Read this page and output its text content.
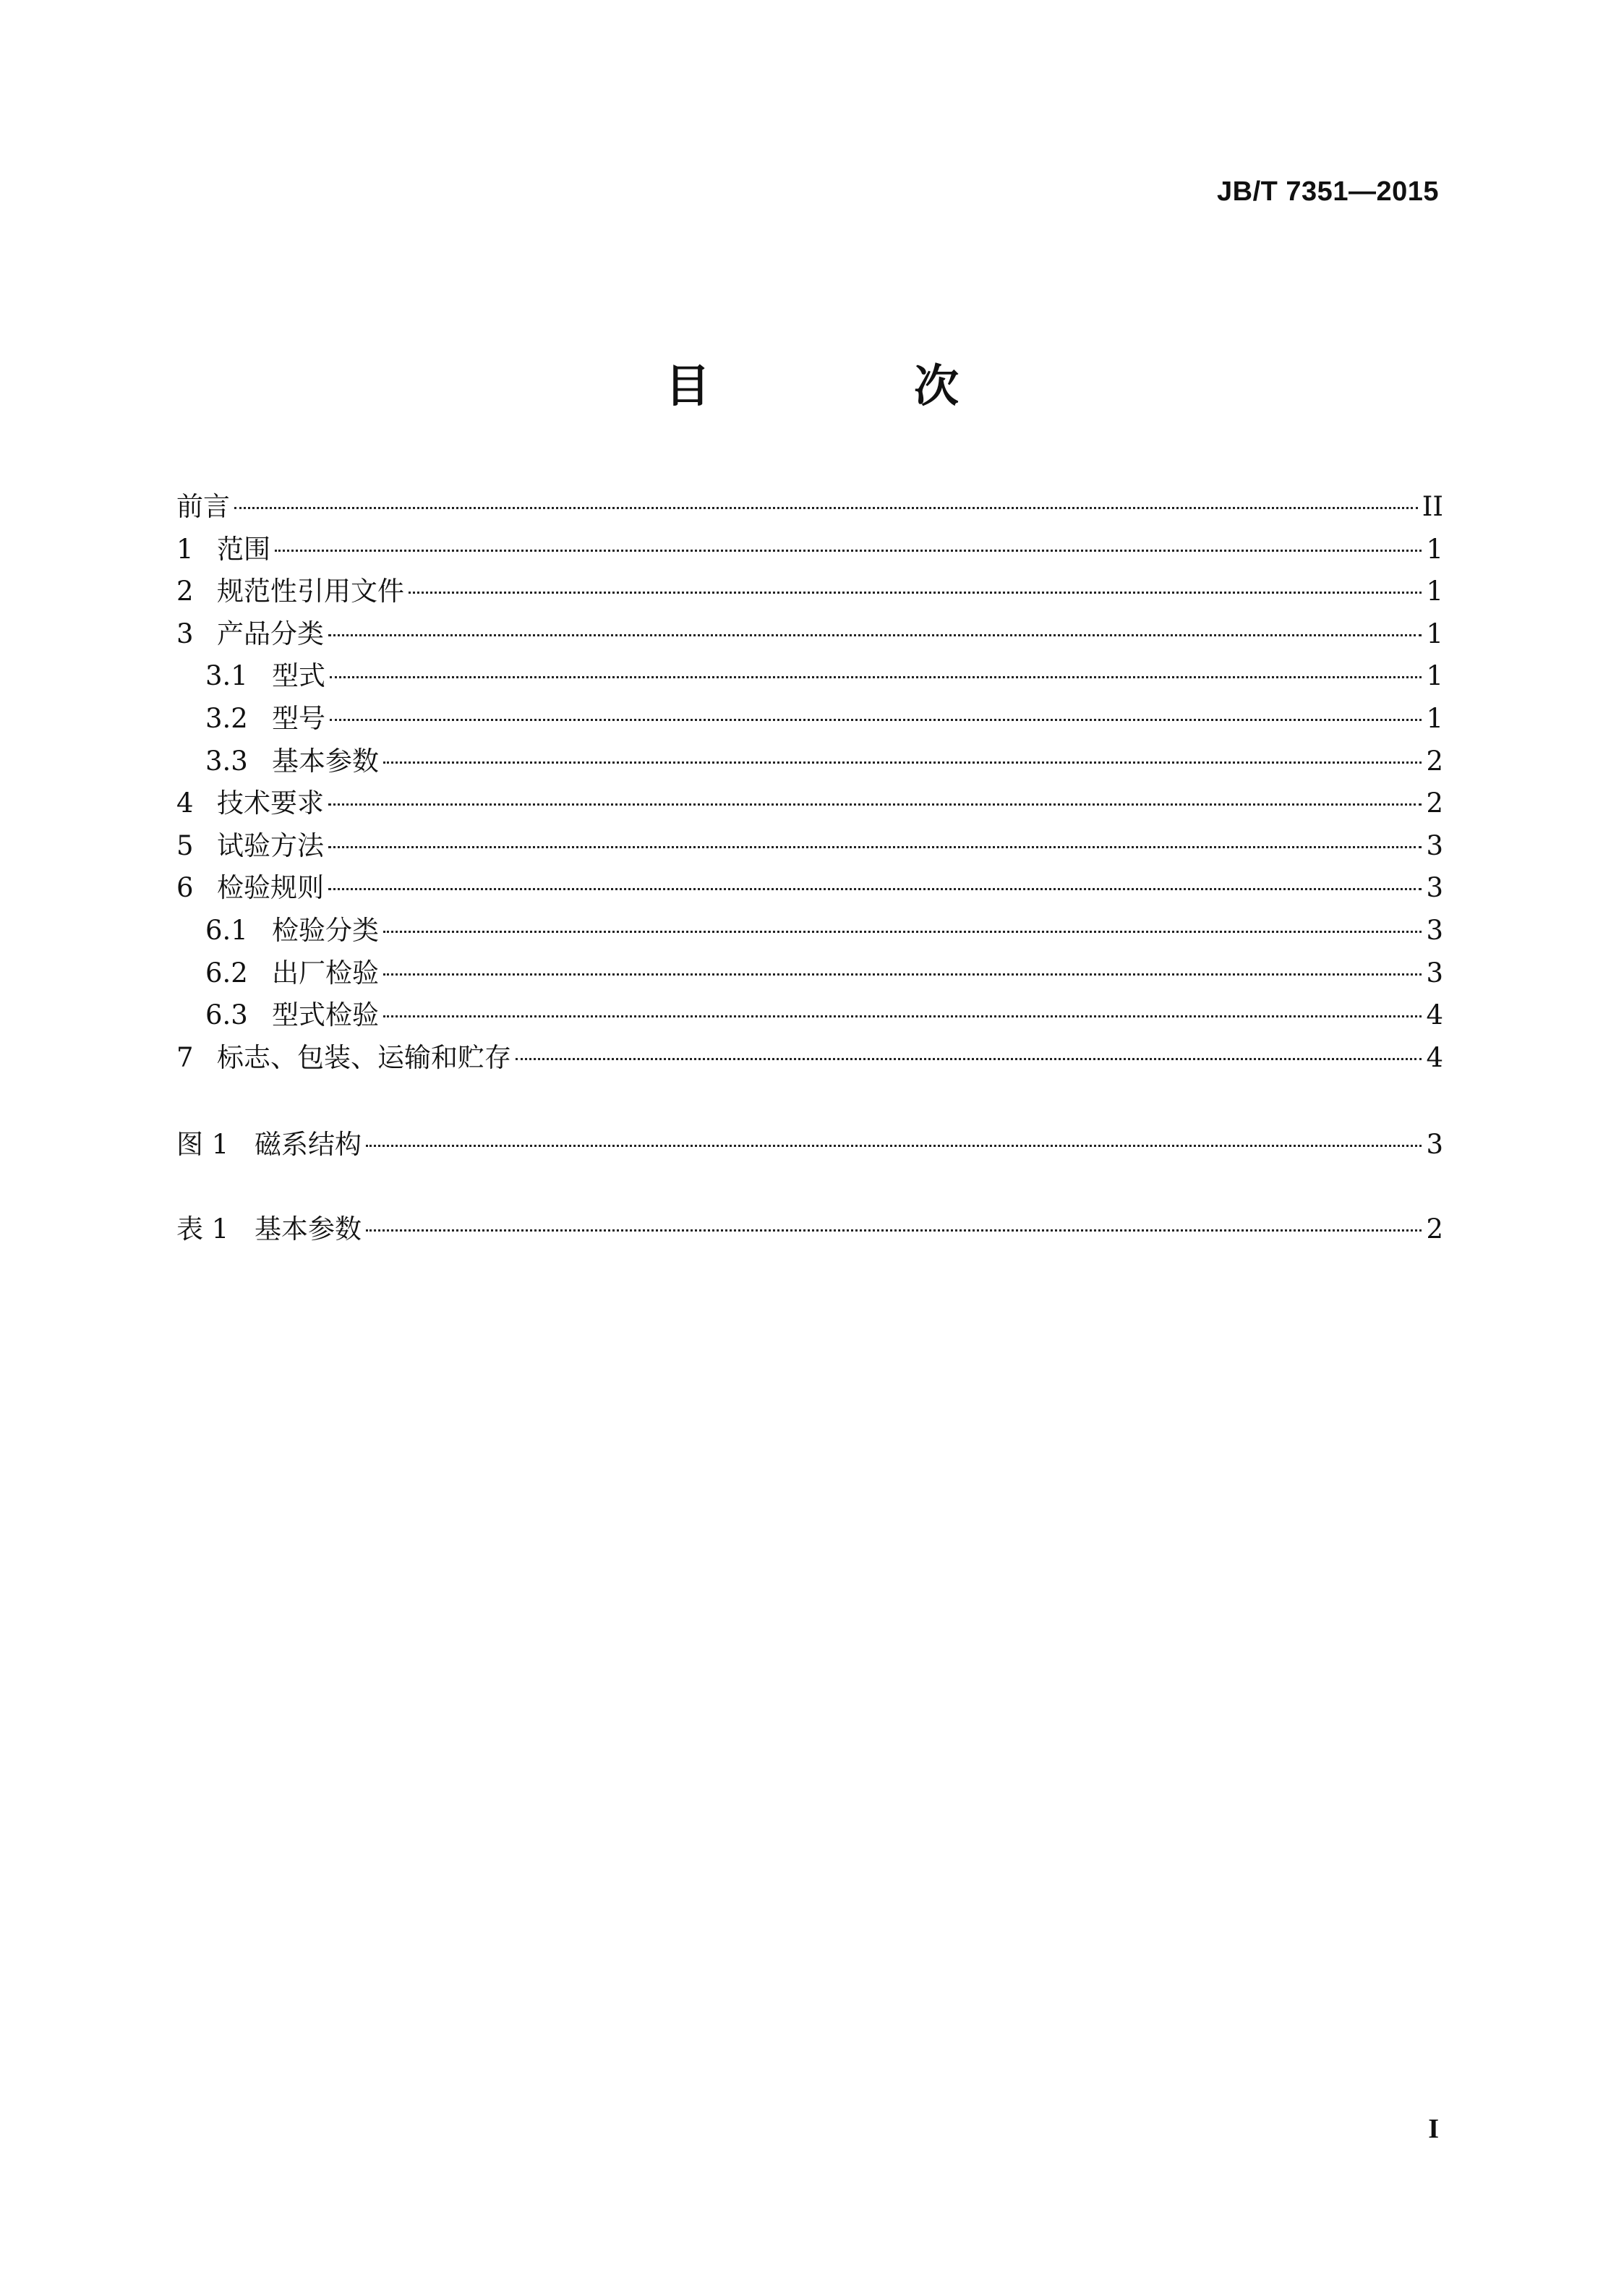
JB/T 7351—2015
目　次
前言	II
1 范围	1
2 规范性引用文件	1
3 产品分类	1
3.1 型式	1
3.2 型号	1
3.3 基本参数	2
4 技术要求	2
5 试验方法	3
6 检验规则	3
6.1 检验分类	3
6.2 出厂检验	3
6.3 型式检验	4
7 标志、包装、运输和贮存	4
图 1 磁系结构	3
表 1 基本参数	2
I
